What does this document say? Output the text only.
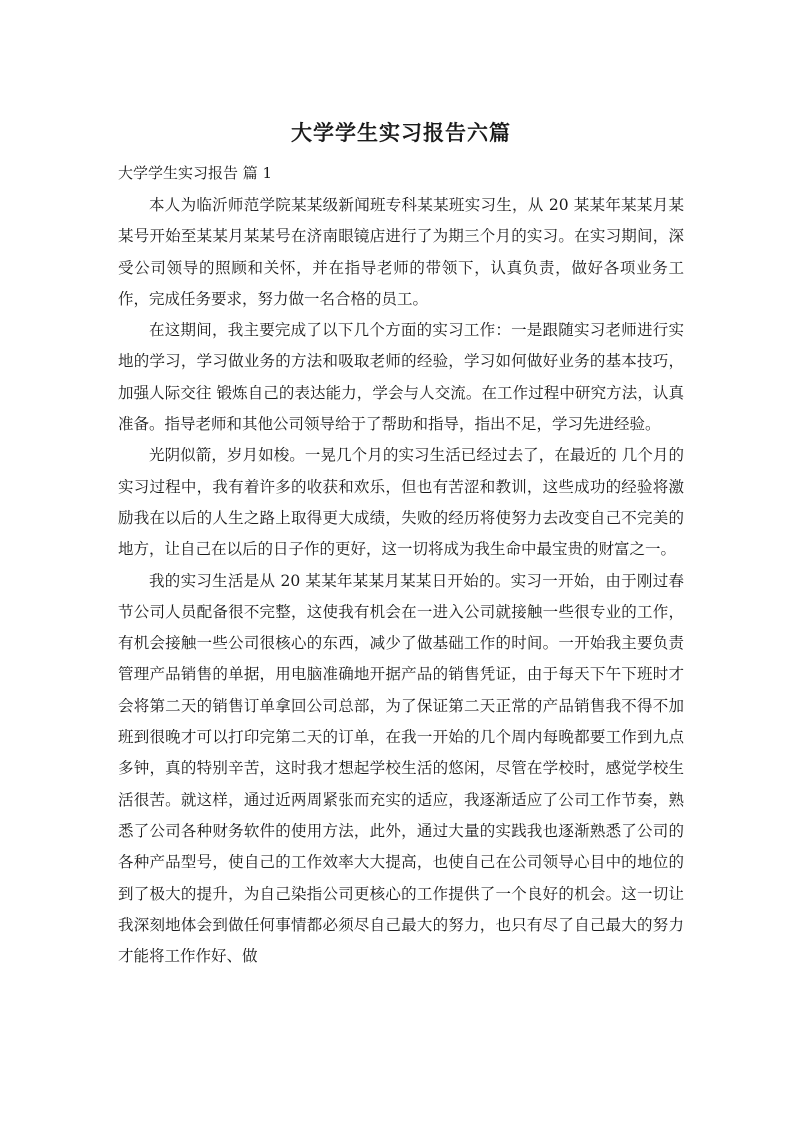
大学学生实习报告六篇

大学学生实习报告 篇 1

本人为临沂师范学院某某级新闻班专科某某班实习生，从 20 某某年某某月某某号开始至某某月某某号在济南眼镜店进行了为期三个月的实习。在实习期间，深受公司领导的照顾和关怀，并在指导老师的带领下，认真负责，做好各项业务工作，完成任务要求，努力做一名合格的员工。

在这期间，我主要完成了以下几个方面的实习工作：一是跟随实习老师进行实地的学习，学习做业务的方法和吸取老师的经验，学习如何做好业务的基本技巧，加强人际交往 锻炼自己的表达能力，学会与人交流。在工作过程中研究方法，认真准备。指导老师和其他公司领导给于了帮助和指导，指出不足，学习先进经验。

光阴似箭，岁月如梭。一晃几个月的实习生活已经过去了，在最近的 几个月的实习过程中，我有着许多的收获和欢乐，但也有苦涩和教训，这些成功的经验将激励我在以后的人生之路上取得更大成绩，失败的经历将使努力去改变自己不完美的地方，让自己在以后的日子作的更好，这一切将成为我生命中最宝贵的财富之一。

我的实习生活是从 20 某某年某某月某某日开始的。实习一开始，由于刚过春节公司人员配备很不完整，这使我有机会在一进入公司就接触一些很专业的工作，有机会接触一些公司很核心的东西，减少了做基础工作的时间。一开始我主要负责管理产品销售的单据，用电脑准确地开据产品的销售凭证，由于每天下午下班时才会将第二天的销售订单拿回公司总部，为了保证第二天正常的产品销售我不得不加班到很晚才可以打印完第二天的订单，在我一开始的几个周内每晚都要工作到九点多钟，真的特别辛苦，这时我才想起学校生活的悠闲，尽管在学校时，感觉学校生活很苦。就这样，通过近两周紧张而充实的适应，我逐渐适应了公司工作节奏，熟悉了公司各种财务软件的使用方法，此外，通过大量的实践我也逐渐熟悉了公司的各种产品型号，使自己的工作效率大大提高，也使自己在公司领导心目中的地位的到了极大的提升，为自己染指公司更核心的工作提供了一个良好的机会。这一切让我深刻地体会到做任何事情都必须尽自己最大的努力，也只有尽了自己最大的努力才能将工作作好、做
